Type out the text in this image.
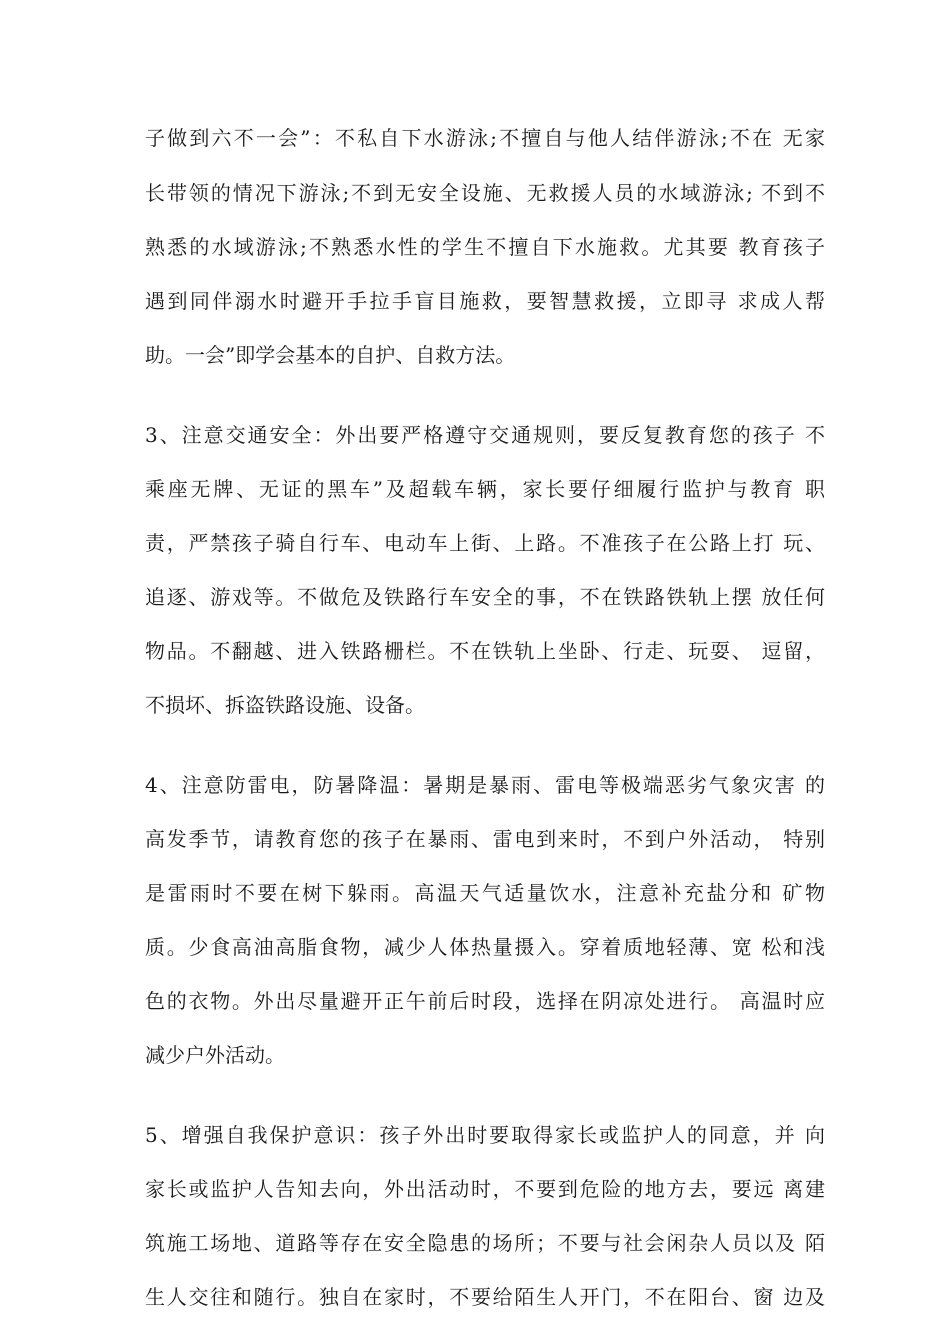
子做到六不一会”：不私自下水游泳;不擅自与他人结伴游泳;不在 无家
长带领的情况下游泳;不到无安全设施、无救援人员的水域游泳; 不到不
熟悉的水域游泳;不熟悉水性的学生不擅自下水施救。尤其要 教育孩子
遇到同伴溺水时避开手拉手盲目施救，要智慧救援，立即寻 求成人帮
助。一会”即学会基本的自护、自救方法。
3、注意交通安全：外出要严格遵守交通规则，要反复教育您的孩子 不
乘座无牌、无证的黑车”及超载车辆，家长要仔细履行监护与教育 职
责，严禁孩子骑自行车、电动车上街、上路。不准孩子在公路上打 玩、
追逐、游戏等。不做危及铁路行车安全的事，不在铁路铁轨上摆 放任何
物品。不翻越、进入铁路栅栏。不在铁轨上坐卧、行走、玩耍、 逗留，
不损坏、拆盗铁路设施、设备。
4、注意防雷电，防暑降温：暑期是暴雨、雷电等极端恶劣气象灾害 的
高发季节，请教育您的孩子在暴雨、雷电到来时，不到户外活动， 特别
是雷雨时不要在树下躲雨。高温天气适量饮水，注意补充盐分和 矿物
质。少食高油高脂食物，减少人体热量摄入。穿着质地轻薄、宽 松和浅
色的衣物。外出尽量避开正午前后时段，选择在阴凉处进行。 高温时应
减少户外活动。
5、增强自我保护意识：孩子外出时要取得家长或监护人的同意，并 向
家长或监护人告知去向，外出活动时，不要到危险的地方去，要远 离建
筑施工场地、道路等存在安全隐患的场所；不要与社会闲杂人员以及 陌
生人交往和随行。独自在家时，不要给陌生人开门，不在阳台、窗 边及
